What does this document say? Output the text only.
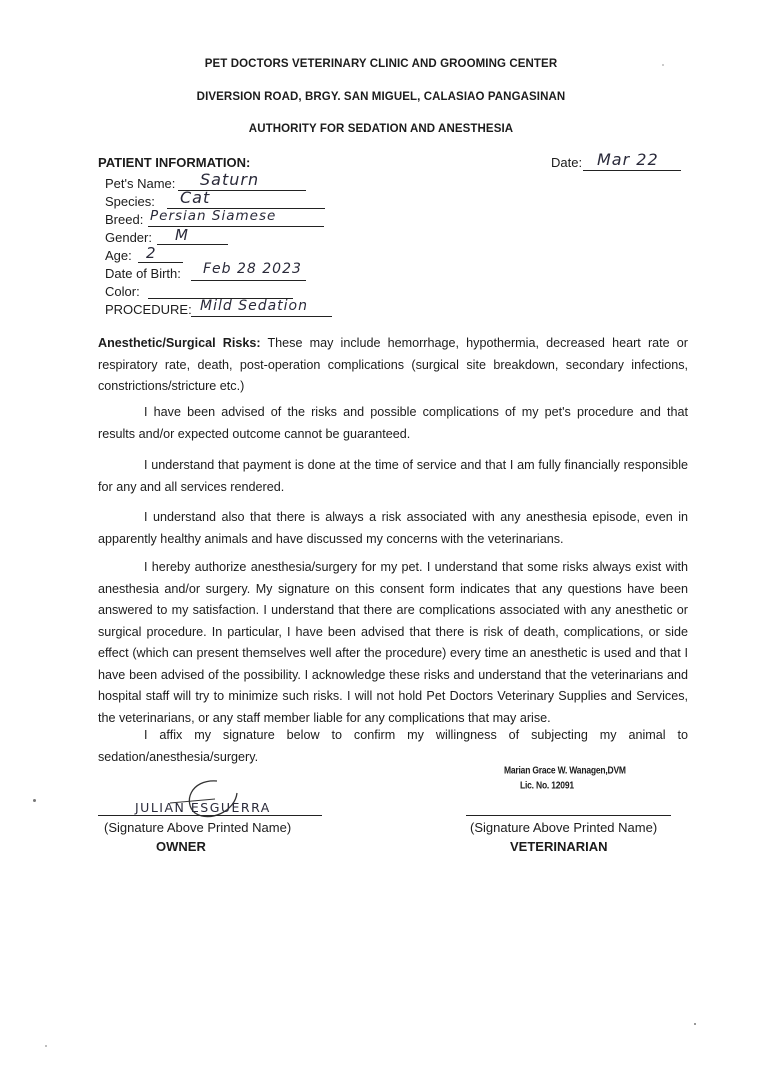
PET DOCTORS VETERINARY CLINIC AND GROOMING CENTER
DIVERSION ROAD, BRGY. SAN MIGUEL, CALASIAO PANGASINAN
AUTHORITY FOR SEDATION AND ANESTHESIA
PATIENT INFORMATION:	Date: Mar 22
Pet's Name: Saturn
Species: Cat
Breed: Persian Siamese
Gender: M
Age: 2
Date of Birth: Feb 28 2023
Color:
PROCEDURE: Mild Sedation
Anesthetic/Surgical Risks: These may include hemorrhage, hypothermia, decreased heart rate or respiratory rate, death, post-operation complications (surgical site breakdown, secondary infections, constrictions/stricture etc.)
I have been advised of the risks and possible complications of my pet's procedure and that results and/or expected outcome cannot be guaranteed.
I understand that payment is done at the time of service and that I am fully financially responsible for any and all services rendered.
I understand also that there is always a risk associated with any anesthesia episode, even in apparently healthy animals and have discussed my concerns with the veterinarians.
I hereby authorize anesthesia/surgery for my pet. I understand that some risks always exist with anesthesia and/or surgery. My signature on this consent form indicates that any questions have been answered to my satisfaction. I understand that there are complications associated with any anesthetic or surgical procedure. In particular, I have been advised that there is risk of death, complications, or side effect (which can present themselves well after the procedure) every time an anesthetic is used and that I have been advised of the possibility. I acknowledge these risks and understand that the veterinarians and hospital staff will try to minimize such risks. I will not hold Pet Doctors Veterinary Supplies and Services, the veterinarians, or any staff member liable for any complications that may arise.
I affix my signature below to confirm my willingness of subjecting my animal to sedation/anesthesia/surgery.
JULIAN ESGUERRA
(Signature Above Printed Name)
OWNER
Marian Grace W. Wanagen,DVM
Lic. No. 12091
(Signature Above Printed Name)
VETERINARIAN
